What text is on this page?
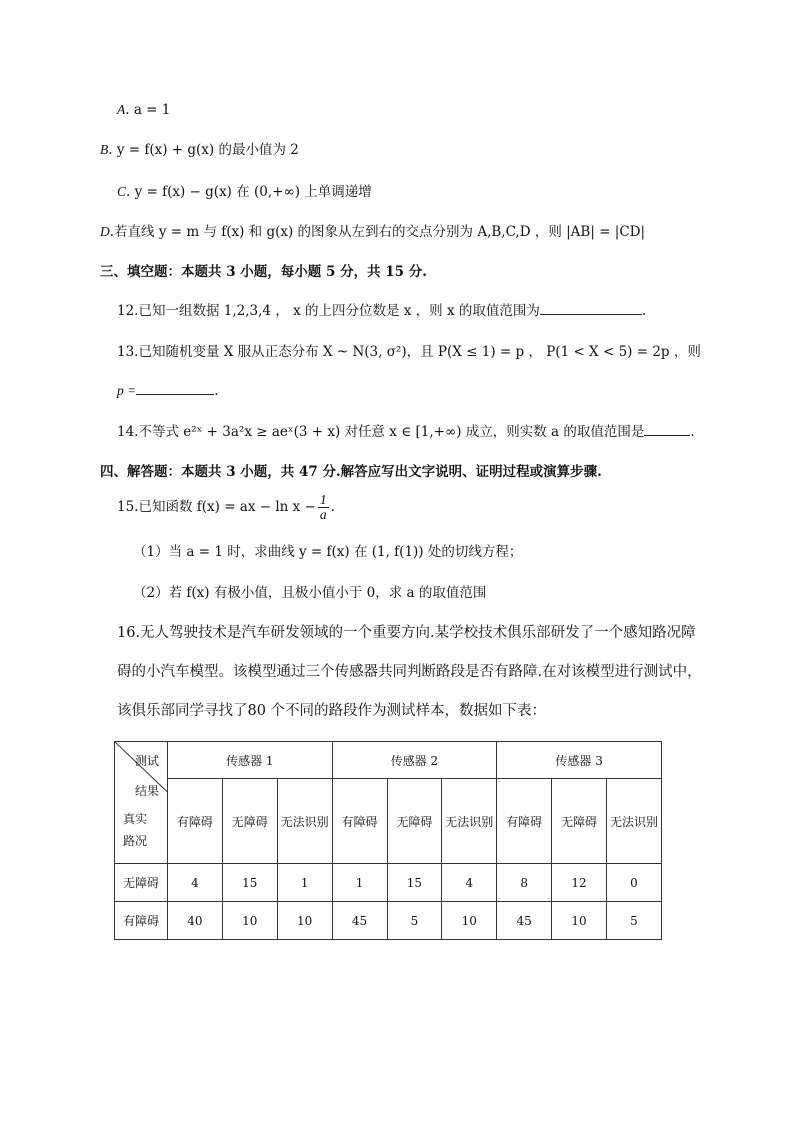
A. a = 1
B. y = f(x) + g(x) 的最小值为 2
C. y = f(x) − g(x) 在 (0,+∞) 上单调递增
D.若直线 y = m 与 f(x) 和 g(x) 的图象从左到右的交点分别为 A,B,C,D ，则 |AB| = |CD|
三、填空题：本题共 3 小题，每小题 5 分，共 15 分.
12.已知一组数据 1,2,3,4 ， x 的上四分位数是 x ，则 x 的取值范围为	.
13.已知随机变量 X 服从正态分布 X ~ N(3, σ²)，且 P(X ≤ 1) = p ， P(1 < X < 5) = 2p ，则
p =	.
14.不等式 e²ˣ + 3a²x ≥ aeˣ(3 + x) 对任意 x ∈ [1,+∞) 成立，则实数 a 的取值范围是	.
四、解答题：本题共 3 小题，共 47 分.解答应写出文字说明、证明过程或演算步骤.
15.已知函数 f(x) = ax − $\ln x - \frac{1}{a}$ .
（1）当 a = 1 时，求曲线 y = f(x) 在 (1, f(1)) 处的切线方程；
（2）若 f(x) 有极小值，且极小值小于 0，求 a 的取值范围
16.无人驾驶技术是汽车研发领域的一个重要方向.某学校技术俱乐部研发了一个感知路况障
碍的小汽车模型。该模型通过三个传感器共同判断路段是否有路障.在对该模型进行测试中，
该俱乐部同学寻找了80 个不同的路段作为测试样本，数据如下表：
测试
结果
真实
路况	传感器 1			传感器 2			传感器 3		
	有障碍	无障碍	无法识别	有障碍	无障碍	无法识别	有障碍	无障碍	无法识别
无障碍	4	15	1	1	15	4	8	12	0
有障碍	40	10	10	45	5	10	45	10	5
